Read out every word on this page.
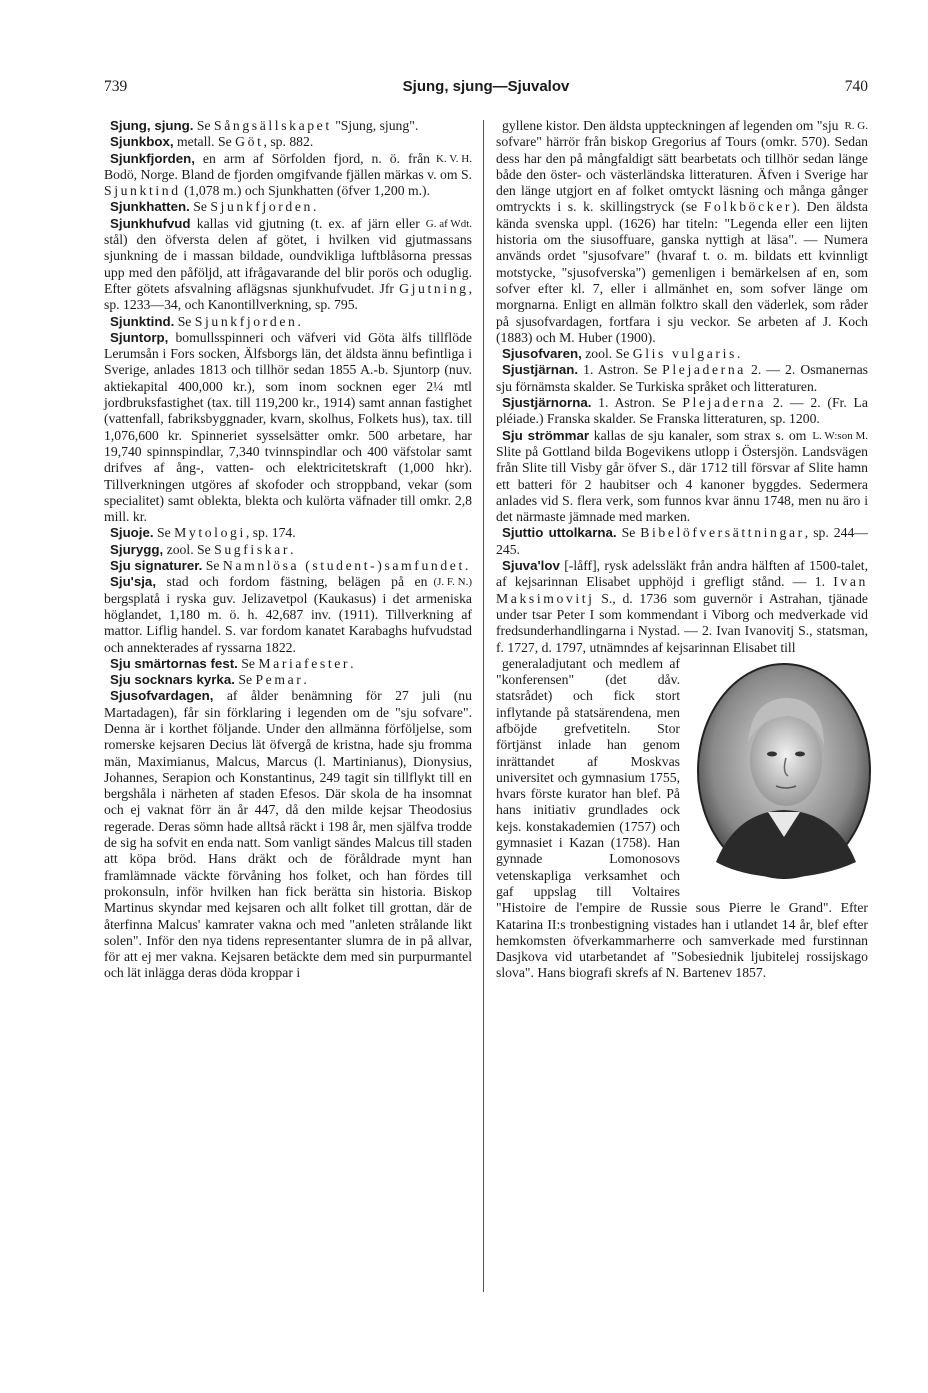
739	Sjung, sjung—Sjuvalov	740

Sjung, sjung. Se Sångsällskapet "Sjung, sjung".

Sjunkbox, metall. Se Göt, sp. 882.

K. V. H.
Sjunkfjorden, en arm af Sörfolden fjord, n. ö. från Bodö, Norge. Bland de fjorden omgifvande fjällen märkas v. om S. Sjunktind (1,078 m.) och Sjunkhatten (öfver 1,200 m.).

Sjunkhatten. Se Sjunkfjorden.

G. af Wdt.
Sjunkhufvud kallas vid gjutning (t. ex. af järn eller stål) den öfversta delen af götet, i hvilken vid gjutmassans sjunkning de i massan bildade, oundvikliga luftblåsorna pressas upp med den påföljd, att ifrågavarande del blir porös och oduglig. Efter götets afsvalning aflägsnas sjunkhufvudet. Jfr Gjutning, sp. 1233—34, och Kanontillverkning, sp. 795.

Sjunktind. Se Sjunkfjorden.

Sjuntorp, bomullsspinneri och väfveri vid Göta älfs tillflöde Lerumsån i Fors socken, Älfsborgs län, det äldsta ännu befintliga i Sverige, anlades 1813 och tillhör sedan 1855 A.-b. Sjuntorp (nuv. aktiekapital 400,000 kr.), som inom socknen eger 2¼ mtl jordbruksfastighet (tax. till 119,200 kr., 1914) samt annan fastighet (vattenfall, fabriksbyggnader, kvarn, skolhus, Folkets hus), tax. till 1,076,600 kr. Spinneriet sysselsätter omkr. 500 arbetare, har 19,740 spinnspindlar, 7,340 tvinnspindlar och 400 väfstolar samt drifves af ång-, vatten- och elektricitetskraft (1,000 hkr). Tillverkningen utgöres af skofoder och stroppband, vekar (som specialitet) samt oblekta, blekta och kulörta väfnader till omkr. 2,8 mill. kr.

Sjuoje. Se Mytologi, sp. 174.

Sjurygg, zool. Se Sugfiskar.

Sju signaturer. Se Namnlösa (student-)samfundet.

(J. F. N.)
Sju'sja, stad och fordom fästning, belägen på en bergsplatå i ryska guv. Jelizavetpol (Kaukasus) i det armeniska höglandet, 1,180 m. ö. h. 42,687 inv. (1911). Tillverkning af mattor. Liflig handel. S. var fordom kanatet Karabaghs hufvudstad och annekterades af ryssarna 1822.

Sju smärtornas fest. Se Mariafester.

Sju socknars kyrka. Se Pemar.

Sjusofvardagen, af ålder benämning för 27 juli (nu Martadagen), får sin förklaring i legenden om de "sju sofvare". Denna är i korthet följande. Under den allmänna förföljelse, som romerske kejsaren Decius lät öfvergå de kristna, hade sju fromma män, Maximianus, Malcus, Marcus (l. Martinianus), Dionysius, Johannes, Serapion och Konstantinus, 249 tagit sin tillflykt till en bergshåla i närheten af staden Efesos. Där skola de ha insomnat och ej vaknat förr än år 447, då den milde kejsar Theodosius regerade. Deras sömn hade alltså räckt i 198 år, men själfva trodde de sig ha sofvit en enda natt. Som vanligt sändes Malcus till staden att köpa bröd. Hans dräkt och de föråldrade mynt han framlämnade väckte förvåning hos folket, och han fördes till prokonsuln, inför hvilken han fick berätta sin historia. Biskop Martinus skyndar med kejsaren och allt folket till grottan, där de återfinna Malcus' kamrater vakna och med "anleten strålande likt solen". Inför den nya tidens representanter slumra de in på allvar, för att ej mer vakna. Kejsaren betäckte dem med sin purpurmantel och lät inlägga deras döda kroppar i

R. G.
gyllene kistor. Den äldsta uppteckningen af legenden om "sju sofvare" härrör från biskop Gregorius af Tours (omkr. 570). Sedan dess har den på mångfaldigt sätt bearbetats och tillhör sedan länge både den öster- och västerländska litteraturen. Äfven i Sverige har den länge utgjort en af folket omtyckt läsning och många gånger omtryckts i s. k. skillingstryck (se Folkböcker). Den äldsta kända svenska uppl. (1626) har titeln: "Legenda eller een lijten historia om the siusoffuare, ganska nyttigh at läsa". — Numera används ordet "sjusofvare" (hvaraf t. o. m. bildats ett kvinnligt motstycke, "sjusofverska") gemenligen i bemärkelsen af en, som sofver efter kl. 7, eller i allmänhet en, som sofver länge om morgnarna. Enligt en allmän folktro skall den väderlek, som råder på sjusofvardagen, fortfara i sju veckor. Se arbeten af J. Koch (1883) och M. Huber (1900).

Sjusofvaren, zool. Se Glis vulgaris.

Sjustjärnan. 1. Astron. Se Plejaderna 2. — 2. Osmanernas sju förnämsta skalder. Se Turkiska språket och litteraturen.

Sjustjärnorna. 1. Astron. Se Plejaderna 2. — 2. (Fr. La pléiade.) Franska skalder. Se Franska litteraturen, sp. 1200.

L. W:son M.
Sju strömmar kallas de sju kanaler, som strax s. om Slite på Gottland bilda Bogevikens utlopp i Östersjön. Landsvägen från Slite till Visby går öfver S., där 1712 till försvar af Slite hamn ett batteri för 2 haubitser och 4 kanoner byggdes. Sedermera anlades vid S. flera verk, som funnos kvar ännu 1748, men nu äro i det närmaste jämnade med marken.

Sjuttio uttolkarna. Se Bibelöfversättningar, sp. 244—245.

Sjuva'lov [-låff], rysk adelssläkt från andra hälften af 1500-talet, af kejsarinnan Elisabet upphöjd i grefligt stånd. — 1. Ivan Maksimovitj S., d. 1736 som guvernör i Astrahan, tjänade under tsar Peter I som kommendant i Viborg och medverkade vid fredsunderhandlingarna i Nystad. — 2. Ivan Ivanovitj S., statsman, f. 1727, d. 1797, utnämndes af kejsarinnan Elisabet till

generaladjutant och medlem af "konferensen" (det dåv. statsrådet) och fick stort inflytande på statsärendena, men afböjde grefvetiteln. Stor förtjänst inlade han genom inrättandet af Moskvas universitet och gymnasium 1755, hvars förste kurator han blef. På hans initiativ grundlades ock kejs. konstakademien (1757) och gymnasiet i Kazan (1758). Han gynnade Lomonosovs vetenskapliga verksamhet och gaf uppslag till Voltaires "Histoire de l'empire de Russie sous Pierre le Grand". Efter Katarina II:s tronbestigning vistades han i utlandet 14 år, blef efter hemkomsten öfverkammarherre och samverkade med furstinnan Dasjkova vid utarbetandet af "Sobesiednik ljubitelej rossijskago slova". Hans biografi skrefs af N. Bartenev 1857.
